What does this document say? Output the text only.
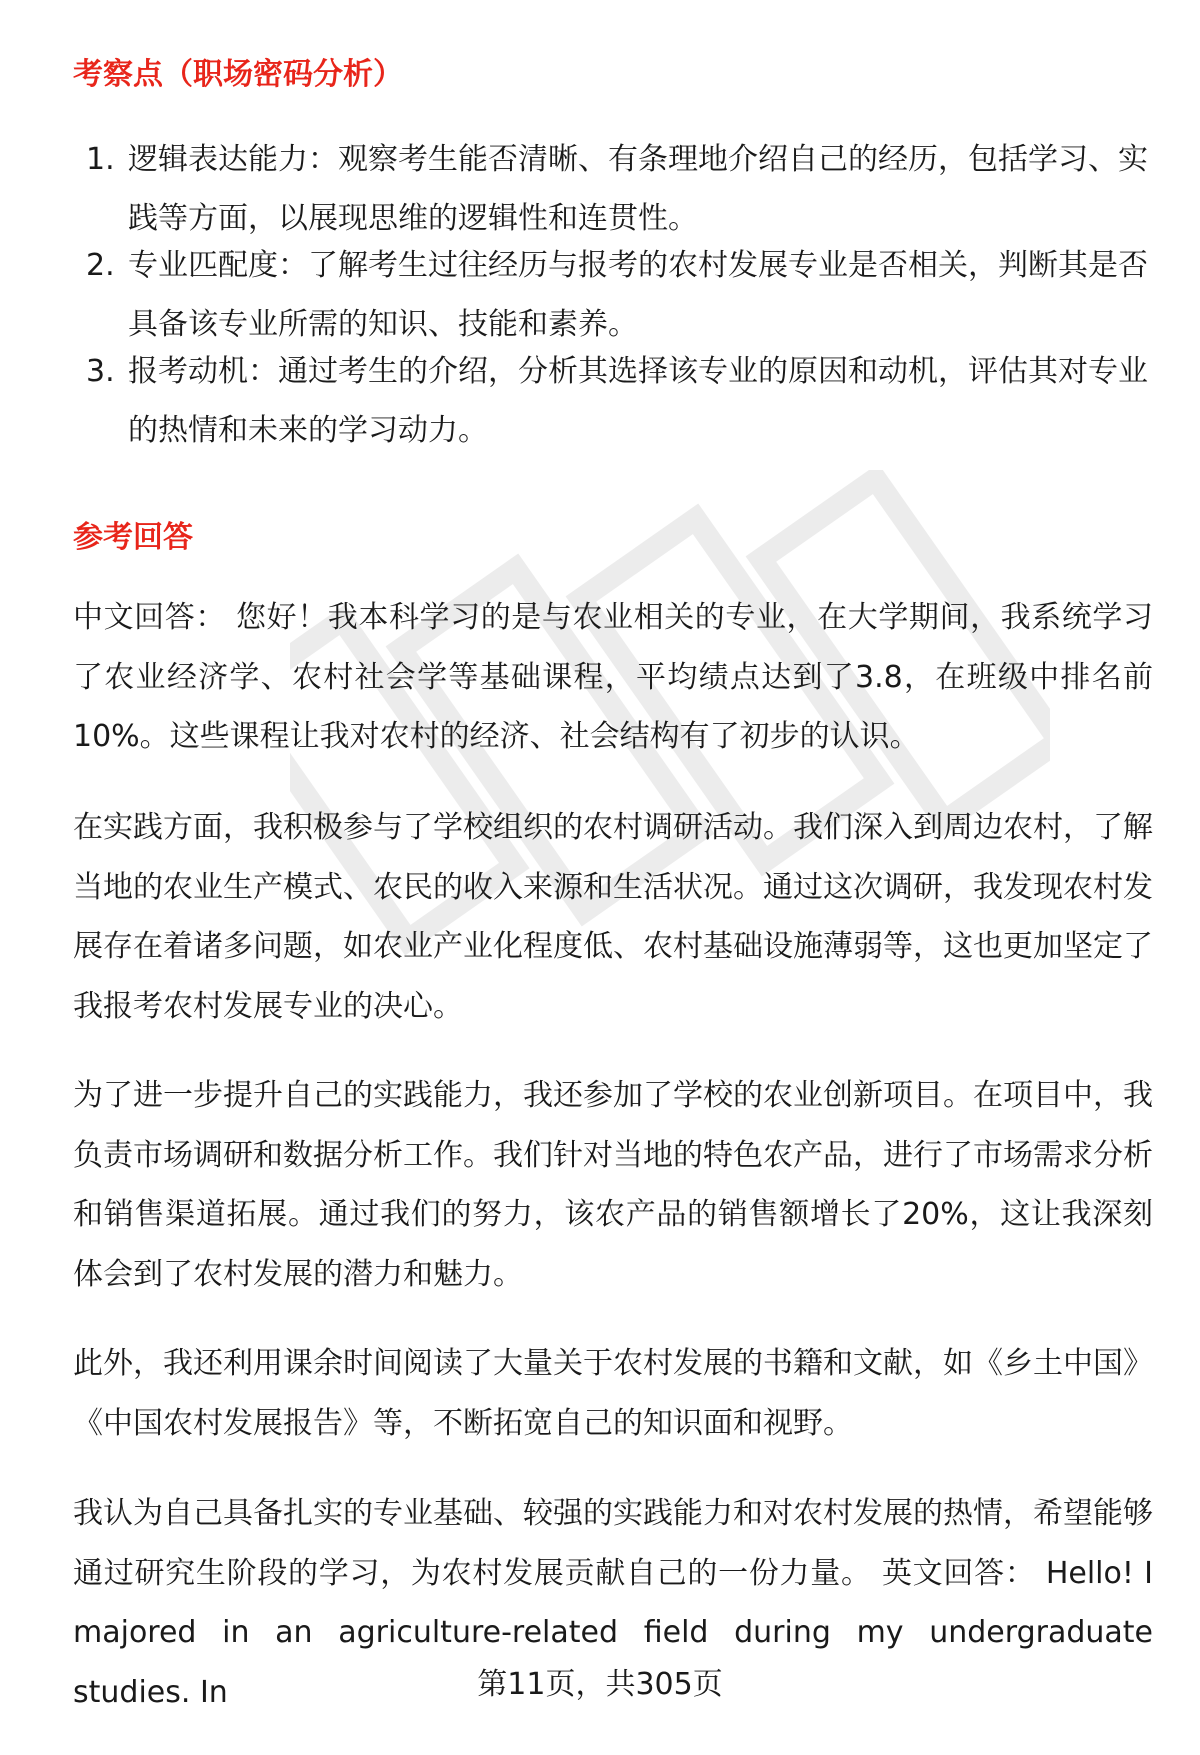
考察点（职场密码分析）
1. 逻辑表达能力：观察考生能否清晰、有条理地介绍自己的经历，包括学习、实践等方面，以展现思维的逻辑性和连贯性。
2. 专业匹配度：了解考生过往经历与报考的农村发展专业是否相关，判断其是否具备该专业所需的知识、技能和素养。
3. 报考动机：通过考生的介绍，分析其选择该专业的原因和动机，评估其对专业的热情和未来的学习动力。
参考回答

中文回答： 您好！我本科学习的是与农业相关的专业，在大学期间，我系统学习了农业经济学、农村社会学等基础课程，平均绩点达到了3.8，在班级中排名前10%。这些课程让我对农村的经济、社会结构有了初步的认识。

在实践方面，我积极参与了学校组织的农村调研活动。我们深入到周边农村，了解当地的农业生产模式、农民的收入来源和生活状况。通过这次调研，我发现农村发展存在着诸多问题，如农业产业化程度低、农村基础设施薄弱等，这也更加坚定了我报考农村发展专业的决心。

为了进一步提升自己的实践能力，我还参加了学校的农业创新项目。在项目中，我负责市场调研和数据分析工作。我们针对当地的特色农产品，进行了市场需求分析和销售渠道拓展。通过我们的努力，该农产品的销售额增长了20%，这让我深刻体会到了农村发展的潜力和魅力。

此外，我还利用课余时间阅读了大量关于农村发展的书籍和文献，如《乡土中国》《中国农村发展报告》等，不断拓宽自己的知识面和视野。

我认为自己具备扎实的专业基础、较强的实践能力和对农村发展的热情，希望能够通过研究生阶段的学习，为农村发展贡献自己的一份力量。 英文回答： Hello! I majored in an agriculture-related field during my undergraduate studies. In	第11页，共305页
